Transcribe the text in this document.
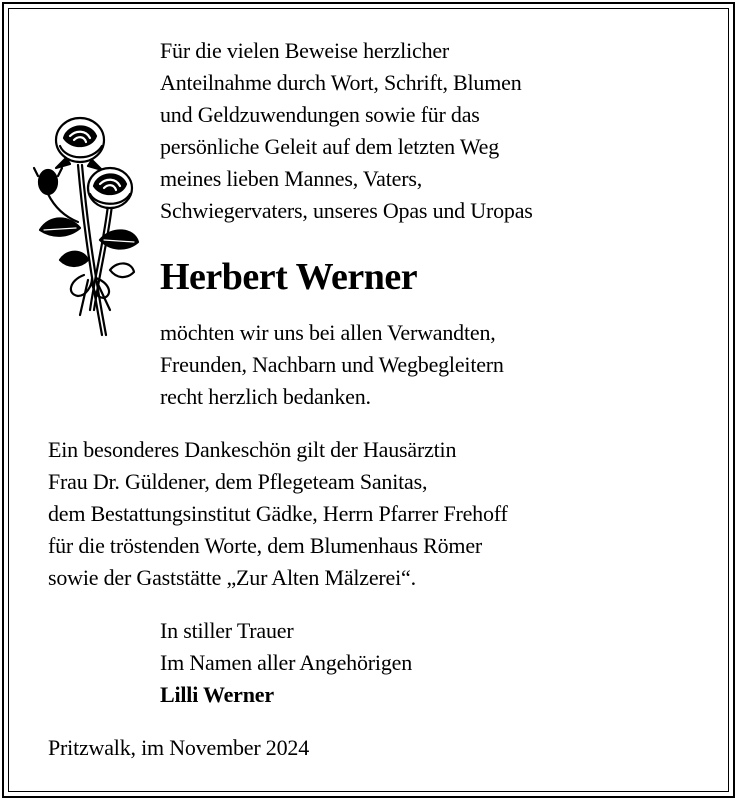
Für die vielen Beweise herzlicher
Anteilnahme durch Wort, Schrift, Blumen
und Geldzuwendungen sowie für das
persönliche Geleit auf dem letzten Weg
meines lieben Mannes, Vaters,
Schwiegervaters, unseres Opas und Uropas
Herbert Werner
möchten wir uns bei allen Verwandten,
Freunden, Nachbarn und Wegbegleitern
recht herzlich bedanken.
Ein besonderes Dankeschön gilt der Hausärztin
Frau Dr. Güldener, dem Pflegeteam Sanitas,
dem Bestattungsinstitut Gädke, Herrn Pfarrer Frehoff
für die tröstenden Worte, dem Blumenhaus Römer
sowie der Gaststätte „Zur Alten Mälzerei“.
In stiller Trauer
Im Namen aller Angehörigen
Lilli Werner
Pritzwalk, im November 2024
